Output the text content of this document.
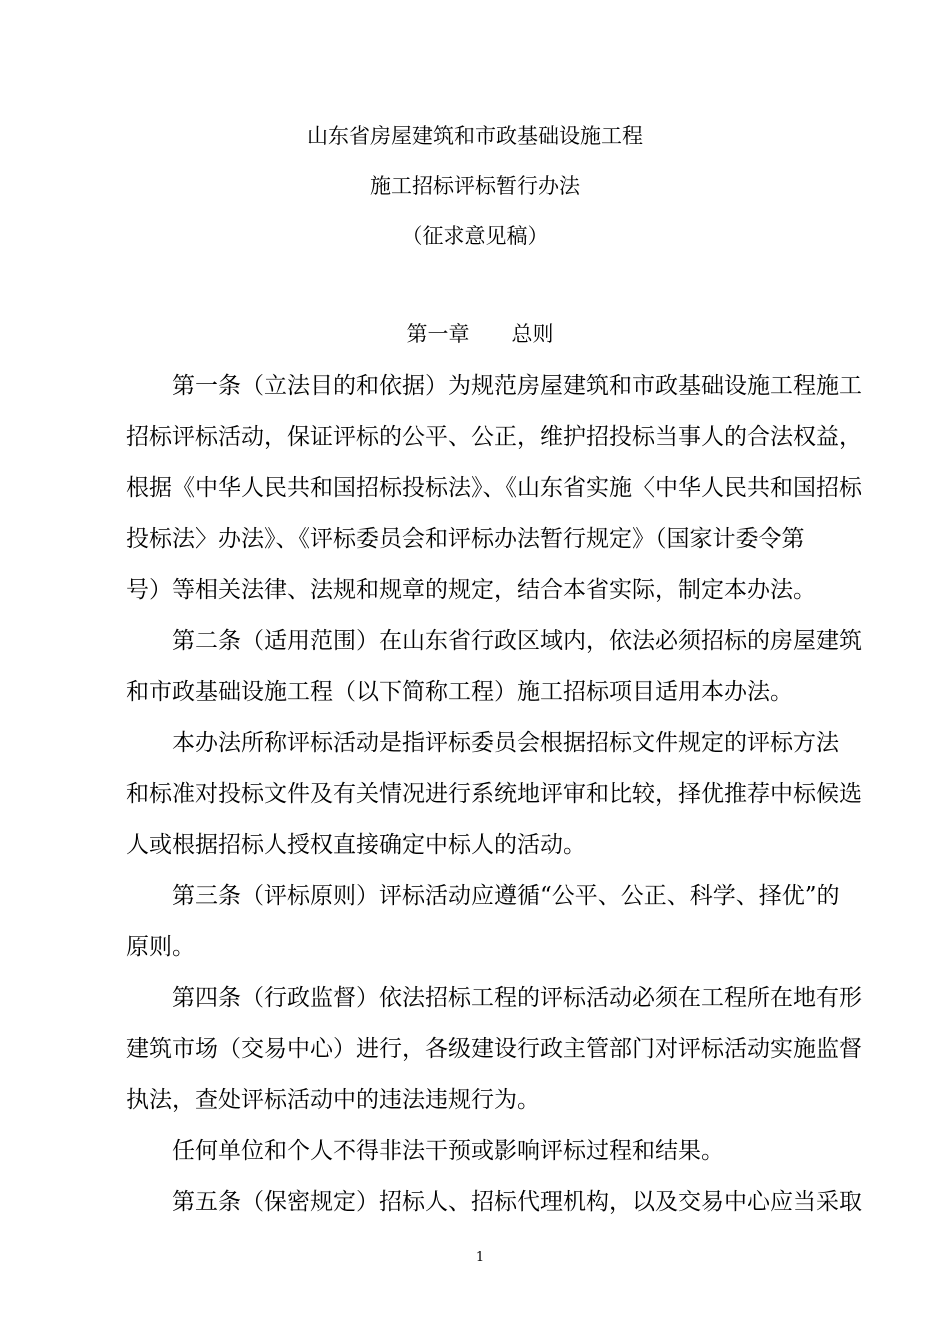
山东省房屋建筑和市政基础设施工程
施工招标评标暂行办法
（征求意见稿）
第一章　　总则
第一条（立法目的和依据）为规范房屋建筑和市政基础设施工程施工
招标评标活动，保证评标的公平、公正，维护招投标当事人的合法权益，
根据《中华人民共和国招标投标法》、《山东省实施〈中华人民共和国招标
投标法〉办法》、《评标委员会和评标办法暂行规定》（国家计委令第
号）等相关法律、法规和规章的规定，结合本省实际，制定本办法。
第二条（适用范围）在山东省行政区域内，依法必须招标的房屋建筑
和市政基础设施工程（以下简称工程）施工招标项目适用本办法。
本办法所称评标活动是指评标委员会根据招标文件规定的评标方法
和标准对投标文件及有关情况进行系统地评审和比较，择优推荐中标候选
人或根据招标人授权直接确定中标人的活动。
第三条（评标原则）评标活动应遵循“公平、公正、科学、择优”的
原则。
第四条（行政监督）依法招标工程的评标活动必须在工程所在地有形
建筑市场（交易中心）进行，各级建设行政主管部门对评标活动实施监督
执法，查处评标活动中的违法违规行为。
任何单位和个人不得非法干预或影响评标过程和结果。
第五条（保密规定）招标人、招标代理机构，以及交易中心应当采取
1
